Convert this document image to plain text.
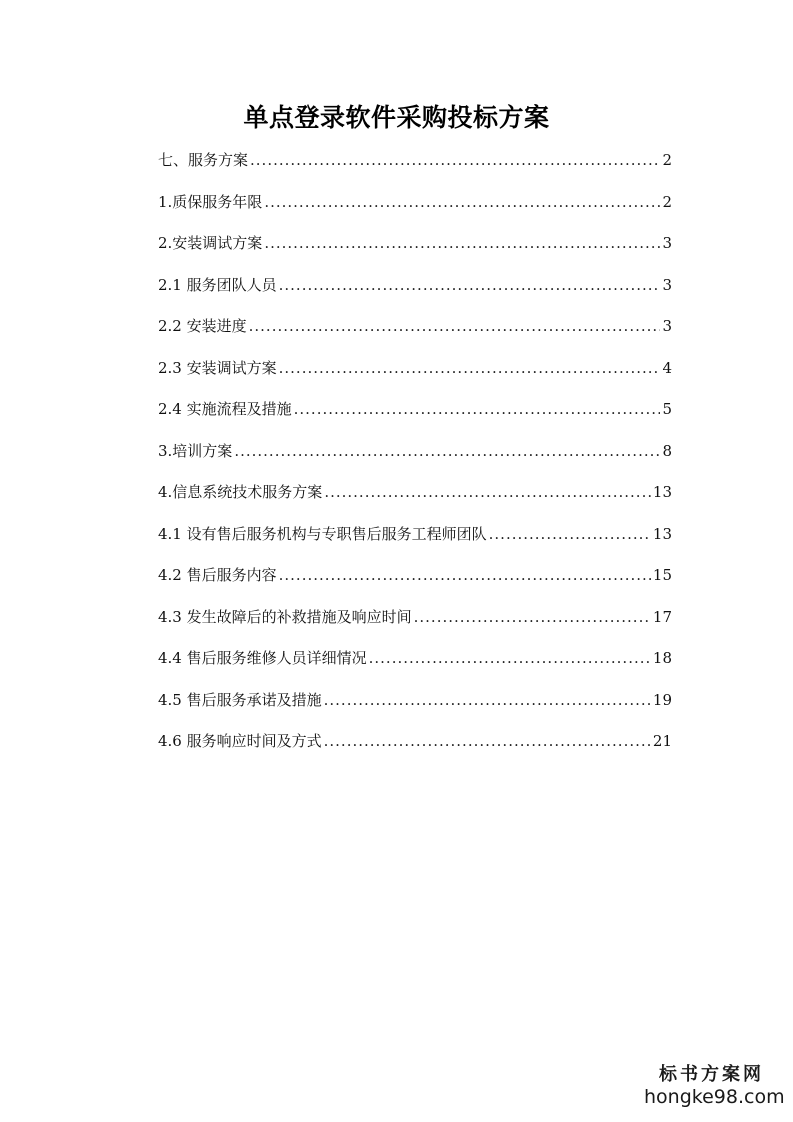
单点登录软件采购投标方案
七、服务方案 .....	2
1.质保服务年限 .....	2
2.安装调试方案 .....	3
2.1 服务团队人员 .....	3
2.2 安装进度 .....	3
2.3 安装调试方案 .....	4
2.4 实施流程及措施 .....	5
3.培训方案 .....	8
4.信息系统技术服务方案 .....	13
4.1 设有售后服务机构与专职售后服务工程师团队 .....	13
4.2 售后服务内容 .....	15
4.3 发生故障后的补救措施及响应时间 .....	17
4.4 售后服务维修人员详细情况 .....	18
4.5 售后服务承诺及措施 .....	19
4.6 服务响应时间及方式 .....	21
标书方案网
hongke98.com
